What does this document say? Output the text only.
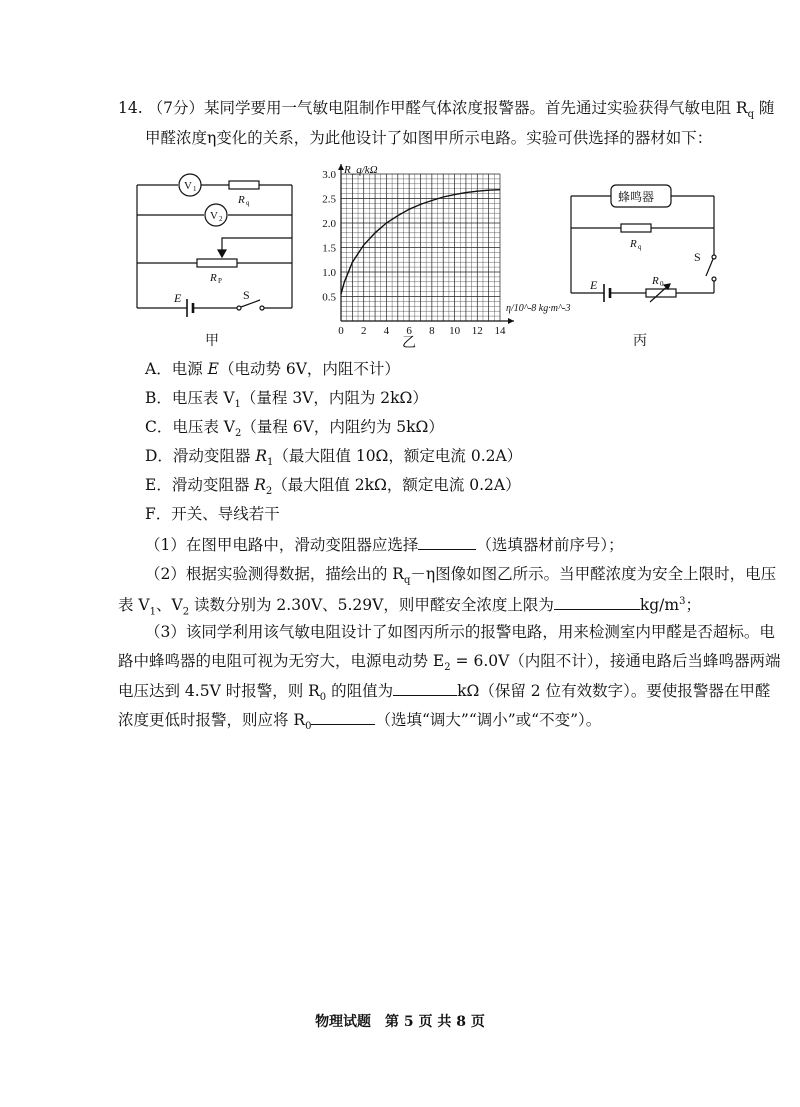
14. （7分）某同学要用一气敏电阻制作甲醛气体浓度报警器。首先通过实验获得气敏电阻 $R_q$ 随
甲醛浓度η变化的关系，为此他设计了如图甲所示电路。实验可供选择的器材如下：
V 1
V 2
R q
R P
E	S
甲
0 2 4 6 8 10 12 14
0.5
1.0
1.5
2.0
2.5
3.0 R_q/kΩ
η/10^-8 kg·m^-3
乙
蜂鸣器
R q
S
E	R 0
丙
A．电源 E（电动势 6V，内阻不计）
B．电压表 $V_1$（量程 3V，内阻为 2kΩ）
C．电压表 $V_2$（量程 6V，内阻约为 5kΩ）
D．滑动变阻器 $R_1$（最大阻值 10Ω，额定电流 0.2A）
E．滑动变阻器 $R_2$（最大阻值 2kΩ，额定电流 0.2A）
F．开关、导线若干
（1）在图甲电路中，滑动变阻器应选择	（选填器材前序号）；
（2）根据实验测得数据，描绘出的 $R_q-\eta$图像如图乙所示。当甲醛浓度为安全上限时，电压
表 $V_1$、$V_2$ 读数分别为 2.30V、5.29V，则甲醛安全浓度上限为	$kg/m^3$；
（3）该同学利用该气敏电阻设计了如图丙所示的报警电路，用来检测室内甲醛是否超标。电
路中蜂鸣器的电阻可视为无穷大，电源电动势 $E_2 = 6.0V$（内阻不计），接通电路后当蜂鸣器两端
电压达到 4.5V 时报警，则 $R_0$ 的阻值为	kΩ（保留 2 位有效数字）。要使报警器在甲醛
浓度更低时报警，则应将 $R_0$	（选填“调大”“调小”或“不变”）。
物理试题　第 5 页 共 8 页
